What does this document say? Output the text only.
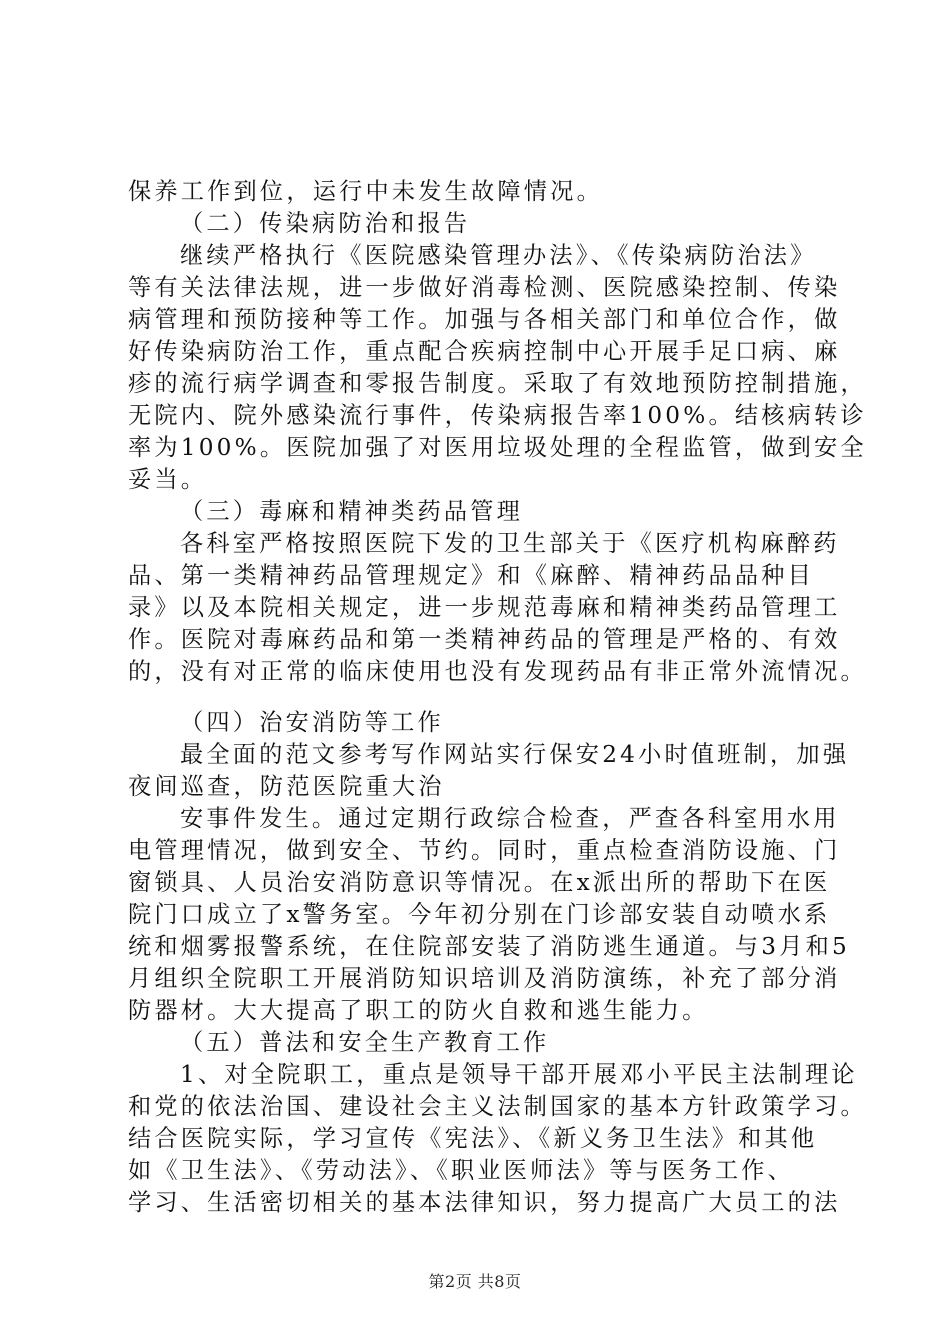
保养工作到位，运行中未发生故障情况。
（二）传染病防治和报告
继续严格执行《医院感染管理办法》、《传染病防治法》
等有关法律法规，进一步做好消毒检测、医院感染控制、传染
病管理和预防接种等工作。加强与各相关部门和单位合作，做
好传染病防治工作，重点配合疾病控制中心开展手足口病、麻
疹的流行病学调查和零报告制度。采取了有效地预防控制措施，
无院内、院外感染流行事件，传染病报告率100%。结核病转诊
率为100%。医院加强了对医用垃圾处理的全程监管，做到安全
妥当。
（三）毒麻和精神类药品管理
各科室严格按照医院下发的卫生部关于《医疗机构麻醉药
品、第一类精神药品管理规定》和《麻醉、精神药品品种目
录》以及本院相关规定，进一步规范毒麻和精神类药品管理工
作。医院对毒麻药品和第一类精神药品的管理是严格的、有效
的，没有对正常的临床使用也没有发现药品有非正常外流情况。
（四）治安消防等工作
最全面的范文参考写作网站实行保安24小时值班制，加强
夜间巡查，防范医院重大治
安事件发生。通过定期行政综合检查，严查各科室用水用
电管理情况，做到安全、节约。同时，重点检查消防设施、门
窗锁具、人员治安消防意识等情况。在x派出所的帮助下在医
院门口成立了x警务室。今年初分别在门诊部安装自动喷水系
统和烟雾报警系统，在住院部安装了消防逃生通道。与3月和5
月组织全院职工开展消防知识培训及消防演练，补充了部分消
防器材。大大提高了职工的防火自救和逃生能力。
（五）普法和安全生产教育工作
1、对全院职工，重点是领导干部开展邓小平民主法制理论
和党的依法治国、建设社会主义法制国家的基本方针政策学习。
结合医院实际，学习宣传《宪法》、《新义务卫生法》和其他
如《卫生法》、《劳动法》、《职业医师法》等与医务工作、
学习、生活密切相关的基本法律知识，努力提高广大员工的法
第2页 共8页
